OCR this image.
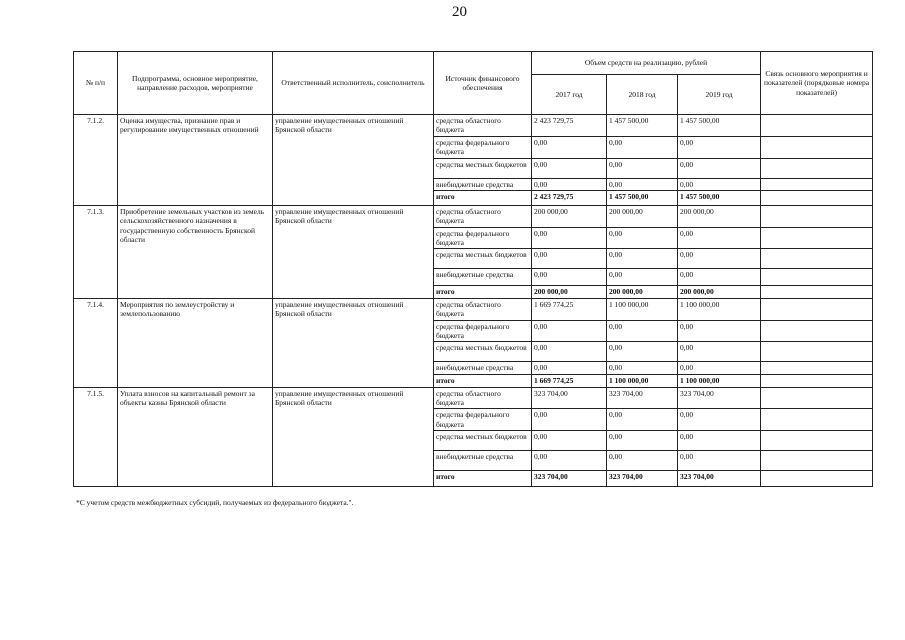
20
№ п/п	Подпрограмма, основное мероприятие, направление расходов, мероприятие	Ответственный исполнитель, соисполнитель	Источник финансового обеспечения	Объем средств на реализацию, рублей			Связь основного мероприятия и показателей (порядковые номера показателей)
				2017 год	2018 год	2019 год	
7.1.2.	Оценка имущества, признание прав и регулирование имущественных отношений	управление имущественных отношений Брянской области	средства областного бюджета	2 423 729,75	1 457 500,00	1 457 500,00	
			средства федерального бюджета	0,00	0,00	0,00	
			средства местных бюджетов	0,00	0,00	0,00	
			внебюджетные средства	0,00	0,00	0,00	
			итого	2 423 729,75	1 457 500,00	1 457 500,00	
7.1.3.	Приобретение земельных участков из земель сельскохозяйственного назначения в государственную собственность Брянской области	управление имущественных отношений Брянской области	средства областного бюджета	200 000,00	200 000,00	200 000,00	
			средства федерального бюджета	0,00	0,00	0,00	
			средства местных бюджетов	0,00	0,00	0,00	
			внебюджетные средства	0,00	0,00	0,00	
			итого	200 000,00	200 000,00	200 000,00	
7.1.4.	Мероприятия по землеустройству и землепользованию	управление имущественных отношений Брянской области	средства областного бюджета	1 669 774,25	1 100 000,00	1 100 000,00	
			средства федерального бюджета	0,00	0,00	0,00	
			средства местных бюджетов	0,00	0,00	0,00	
			внебюджетные средства	0,00	0,00	0,00	
			итого	1 669 774,25	1 100 000,00	1 100 000,00	
7.1.5.	Уплата взносов на капитальный ремонт за объекты казны Брянской области	управление имущественных отношений Брянской области	средства областного бюджета	323 704,00	323 704,00	323 704,00	
			средства федерального бюджета	0,00	0,00	0,00	
			средства местных бюджетов	0,00	0,00	0,00	
			внебюджетные средства	0,00	0,00	0,00	
			итого	323 704,00	323 704,00	323 704,00	
*С учетом средств межбюджетных субсидий, получаемых из федерального бюджета.".
